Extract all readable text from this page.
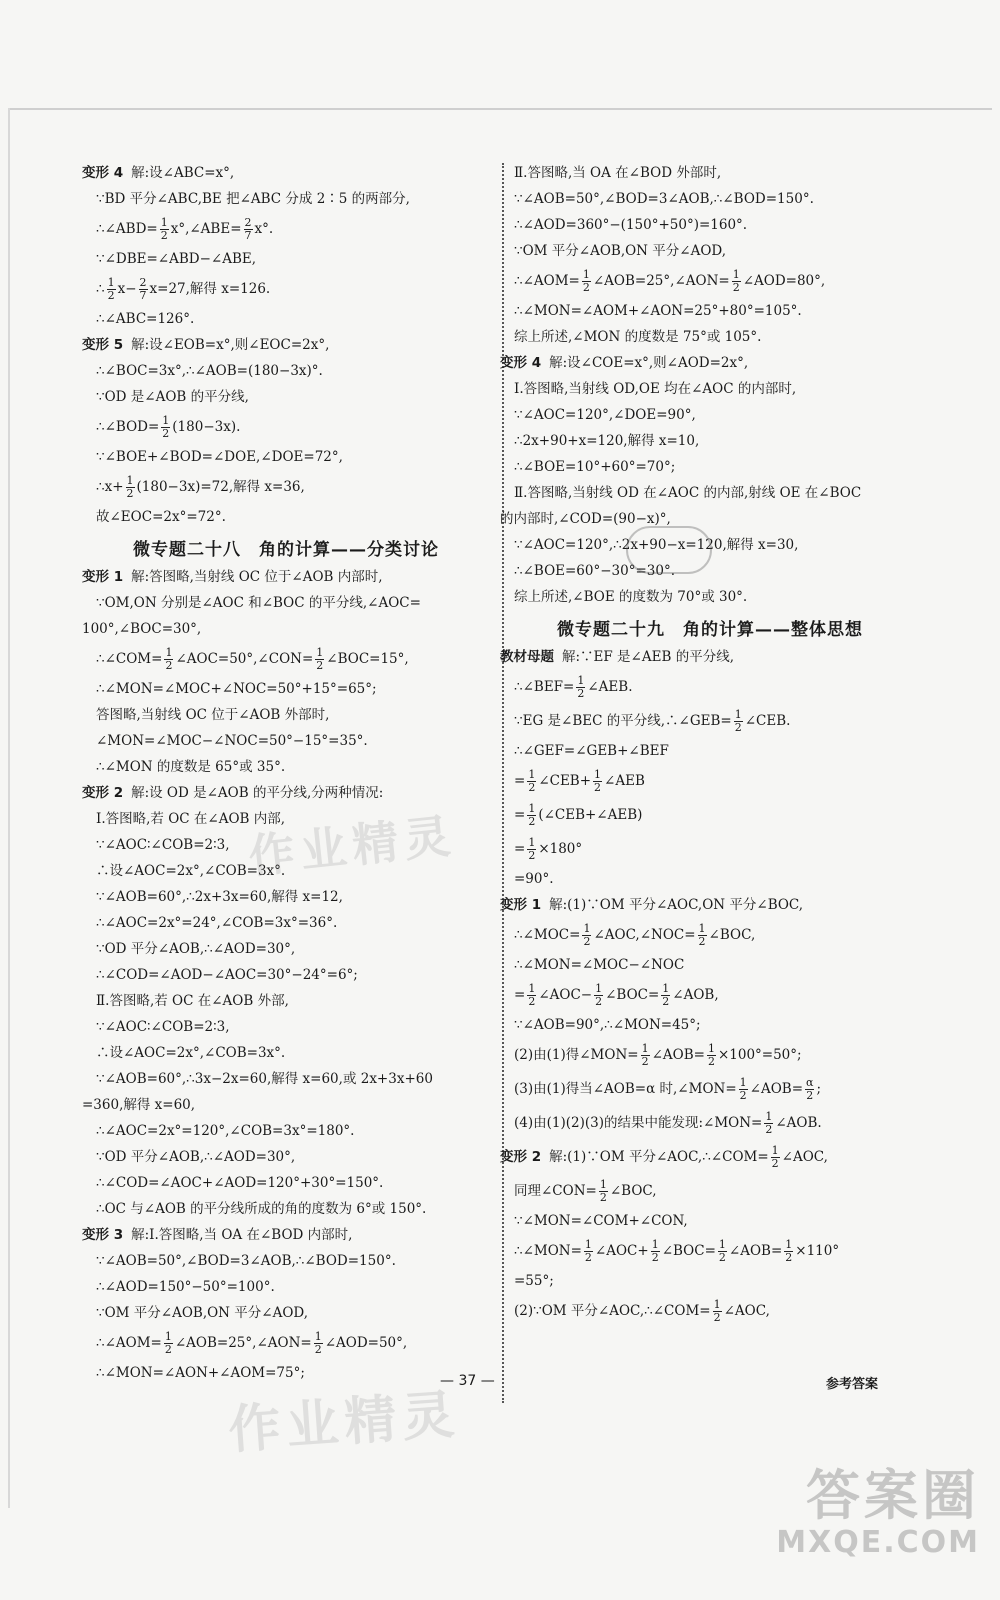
变形 4 解:设∠ABC=x°,
∵BD 平分∠ABC,BE 把∠ABC 分成 2∶5 的两部分,
∴∠ABD= $\frac{1}{2}$ x°,∠ABE= $\frac{2}{7} x^\circ$.
∵∠DBE=∠ABD−∠ABE,
∴ $\frac{1}{2} x- \frac{2}{7} x=27$,解得 x=126.
∴∠ABC=126°.
变形 5 解:设∠EOB=x°,则∠EOC=2x°,
∴∠BOC=3x°,∴∠AOB=(180−3x)°.
∵OD 是∠AOB 的平分线,
∴∠BOD= $\frac{1}{2} (180-3x)$.
∵∠BOE+∠BOD=∠DOE,∠DOE=72°,
∴x+ $\frac{1}{2} (180-3x)=72$,解得 x=36,
故∠EOC=2x°=72°.
微专题二十八　角的计算——分类讨论
变形 1 解:答图略,当射线 OC 位于∠AOB 内部时,
∵OM,ON 分别是∠AOC 和∠BOC 的平分线,∠AOC=
100°,∠BOC=30°,
∴∠COM= $\frac{1}{2}$ ∠AOC=50°,∠CON= $\frac{1}{2}$ ∠BOC=15°,
∴∠MON=∠MOC+∠NOC=50°+15°=65°;
答图略,当射线 OC 位于∠AOB 外部时,
∠MON=∠MOC−∠NOC=50°−15°=35°.
∴∠MON 的度数是 65°或 35°.
变形 2 解:设 OD 是∠AOB 的平分线,分两种情况:
Ⅰ.答图略,若 OC 在∠AOB 内部,
∵∠AOC∶∠COB=2∶3,
∴设∠AOC=2x°,∠COB=3x°.
∵∠AOB=60°,∴2x+3x=60,解得 x=12,
∴∠AOC=2x°=24°,∠COB=3x°=36°.
∵OD 平分∠AOB,∴∠AOD=30°,
∴∠COD=∠AOD−∠AOC=30°−24°=6°;
Ⅱ.答图略,若 OC 在∠AOB 外部,
∵∠AOC∶∠COB=2∶3,
∴设∠AOC=2x°,∠COB=3x°.
∵∠AOB=60°,∴3x−2x=60,解得 x=60,或 2x+3x+60
=360,解得 x=60,
∴∠AOC=2x°=120°,∠COB=3x°=180°.
∵OD 平分∠AOB,∴∠AOD=30°,
∴∠COD=∠AOC+∠AOD=120°+30°=150°.
∴OC 与∠AOB 的平分线所成的角的度数为 6°或 150°.
变形 3 解:Ⅰ.答图略,当 OA 在∠BOD 内部时,
∵∠AOB=50°,∠BOD=3∠AOB,∴∠BOD=150°.
∴∠AOD=150°−50°=100°.
∵OM 平分∠AOB,ON 平分∠AOD,
∴∠AOM= $\frac{1}{2}$ ∠AOB=25°,∠AON= $\frac{1}{2}$ ∠AOD=50°,
∴∠MON=∠AON+∠AOM=75°;
Ⅱ.答图略,当 OA 在∠BOD 外部时,
∵∠AOB=50°,∠BOD=3∠AOB,∴∠BOD=150°.
∴∠AOD=360°−(150°+50°)=160°.
∵OM 平分∠AOB,ON 平分∠AOD,
∴∠AOM= $\frac{1}{2}$ ∠AOB=25°,∠AON= $\frac{1}{2}$ ∠AOD=80°,
∴∠MON=∠AOM+∠AON=25°+80°=105°.
综上所述,∠MON 的度数是 75°或 105°.
变形 4 解:设∠COE=x°,则∠AOD=2x°,
Ⅰ.答图略,当射线 OD,OE 均在∠AOC 的内部时,
∵∠AOC=120°,∠DOE=90°,
∴2x+90+x=120,解得 x=10,
∴∠BOE=10°+60°=70°;
Ⅱ.答图略,当射线 OD 在∠AOC 的内部,射线 OE 在∠BOC
的内部时,∠COD=(90−x)°,
∵∠AOC=120°,∴2x+90−x=120,解得 x=30,
∴∠BOE=60°−30°=30°.
综上所述,∠BOE 的度数为 70°或 30°.
微专题二十九　角的计算——整体思想
教材母题 解:∵EF 是∠AEB 的平分线,
∴∠BEF= $\frac{1}{2}$ ∠AEB.
∵EG 是∠BEC 的平分线,∴∠GEB= $\frac{1}{2}$ ∠CEB.
∴∠GEF=∠GEB+∠BEF
= $\frac{1}{2}$ ∠CEB+ $\frac{1}{2}$ ∠AEB
= $\frac{1}{2}$ (∠CEB+∠AEB)
= $\frac{1}{2} \times 180^\circ$
=90°.
变形 1 解:(1)∵OM 平分∠AOC,ON 平分∠BOC,
∴∠MOC= $\frac{1}{2}$ ∠AOC,∠NOC= $\frac{1}{2}$ ∠BOC,
∴∠MON=∠MOC−∠NOC
= $\frac{1}{2}$ ∠AOC− $\frac{1}{2}$ ∠BOC= $\frac{1}{2}$ ∠AOB,
∵∠AOB=90°,∴∠MON=45°;
(2)由(1)得∠MON= $\frac{1}{2}$ ∠AOB= $\frac{1}{2} \times 100^\circ=50^\circ$;
(3)由(1)得当∠AOB=α 时,∠MON= $\frac{1}{2}$ ∠AOB= $\frac{\alpha}{2}$ ;
(4)由(1)(2)(3)的结果中能发现:∠MON= $\frac{1}{2}$ ∠AOB.
变形 2 解:(1)∵OM 平分∠AOC,∴∠COM= $\frac{1}{2}$ ∠AOC,
同理∠CON= $\frac{1}{2}$ ∠BOC,
∵∠MON=∠COM+∠CON,
∴∠MON= $\frac{1}{2}$ ∠AOC+ $\frac{1}{2}$ ∠BOC= $\frac{1}{2}$ ∠AOB= $\frac{1}{2} \times 110^\circ$
=55°;
(2)∵OM 平分∠AOC,∴∠COM= $\frac{1}{2}$ ∠AOC,
作业精灵
作业精灵
— 37 —	参考答案
答案圈
MXQE.COM
